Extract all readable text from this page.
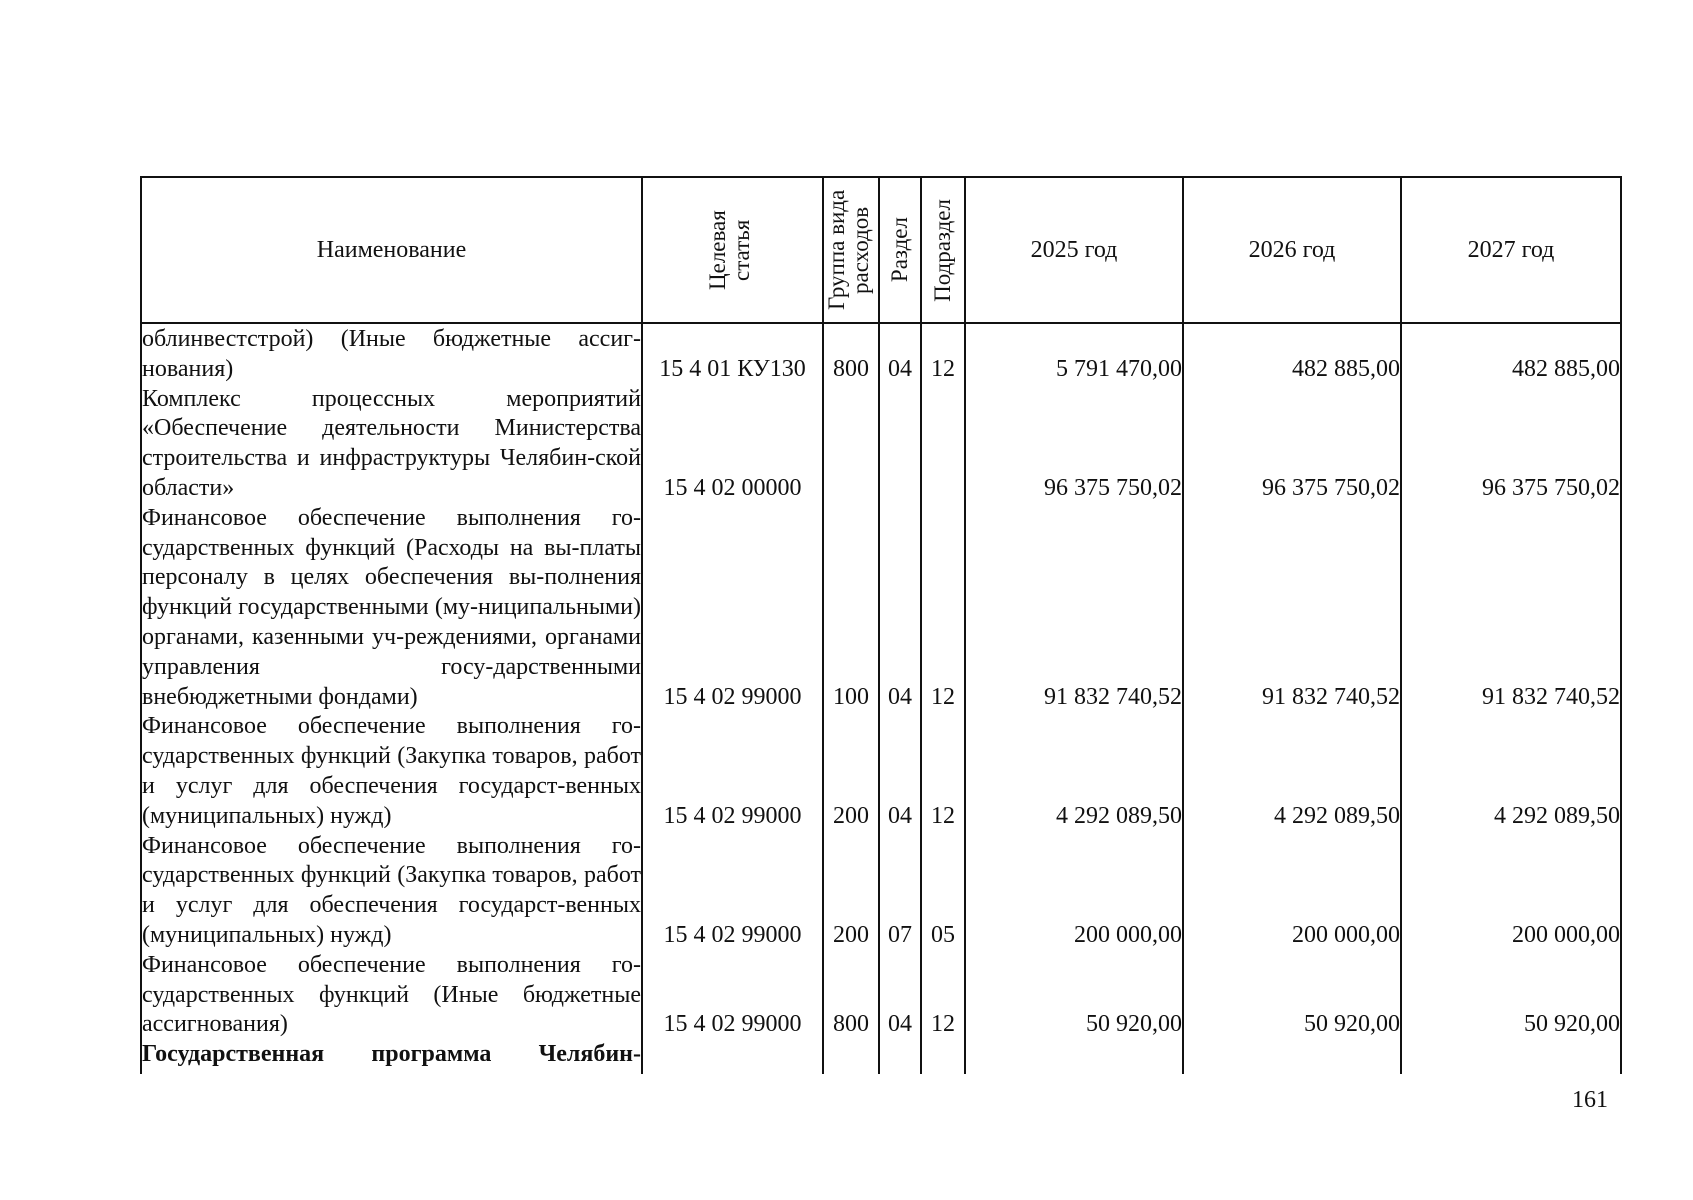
Наименование	Целевая статья	Группа вида расходов	Раздел	Подраздел	2025 год	2026 год	2027 год
облинвестстрой) (Иные бюджетные ассиг-нования)	15 4 01 КУ130	800	04	12	5 791 470,00	482 885,00	482 885,00
Комплекс процессных мероприятий «Обеспечение деятельности Министерства строительства и инфраструктуры Челябин-ской области»	15 4 02 00000				96 375 750,02	96 375 750,02	96 375 750,02
Финансовое обеспечение выполнения го-сударственных функций (Расходы на вы-платы персоналу в целях обеспечения вы-полнения функций государственными (му-ниципальными) органами, казенными уч-реждениями, органами управления госу-дарственными внебюджетными фондами)	15 4 02 99000	100	04	12	91 832 740,52	91 832 740,52	91 832 740,52
Финансовое обеспечение выполнения го-сударственных функций (Закупка товаров, работ и услуг для обеспечения государст-венных (муниципальных) нужд)	15 4 02 99000	200	04	12	4 292 089,50	4 292 089,50	4 292 089,50
Финансовое обеспечение выполнения го-сударственных функций (Закупка товаров, работ и услуг для обеспечения государст-венных (муниципальных) нужд)	15 4 02 99000	200	07	05	200 000,00	200 000,00	200 000,00
Финансовое обеспечение выполнения го-сударственных функций (Иные бюджетные ассигнования)	15 4 02 99000	800	04	12	50 920,00	50 920,00	50 920,00
Государственная программа Челябин-							
161
